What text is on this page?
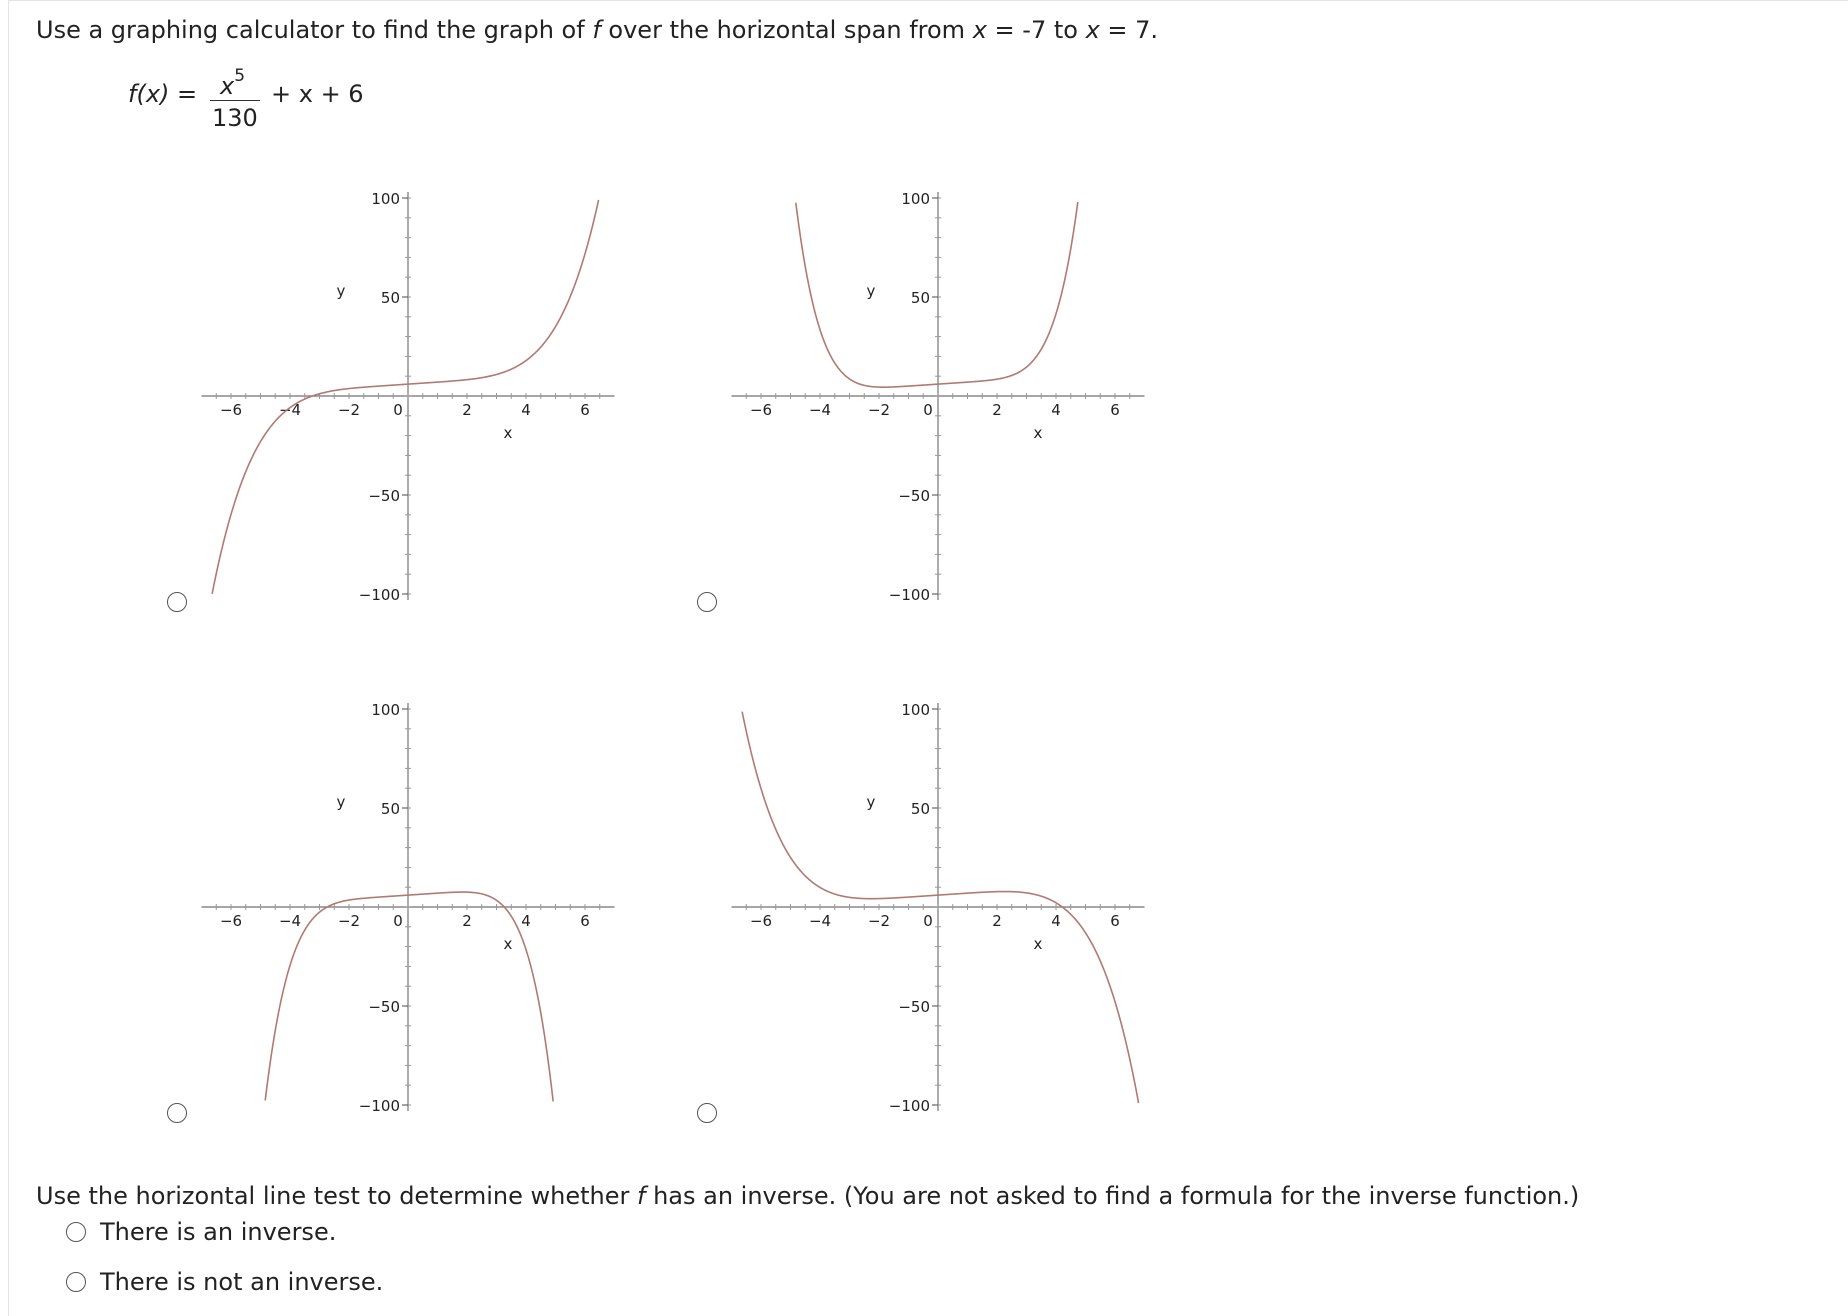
Use a graphing calculator to find the graph of f over the horizontal span from x = -7 to x = 7.
$f(x) = x^5$
130
+ x + 6
−6 −4 −2 0	2	4	6
100
50
−50
−100
x
y
−6 −4 −2 0	2	4	6
100
50
−50
−100
x
y
−6 −4 −2 0	2	4	6
100
50
−50
−100
x
y
−6 −4 −2 0	2	4	6
100
50
−50
−100
x
y
Use the horizontal line test to determine whether f has an inverse. (You are not asked to find a formula for the inverse function.)
There is an inverse.
There is not an inverse.
